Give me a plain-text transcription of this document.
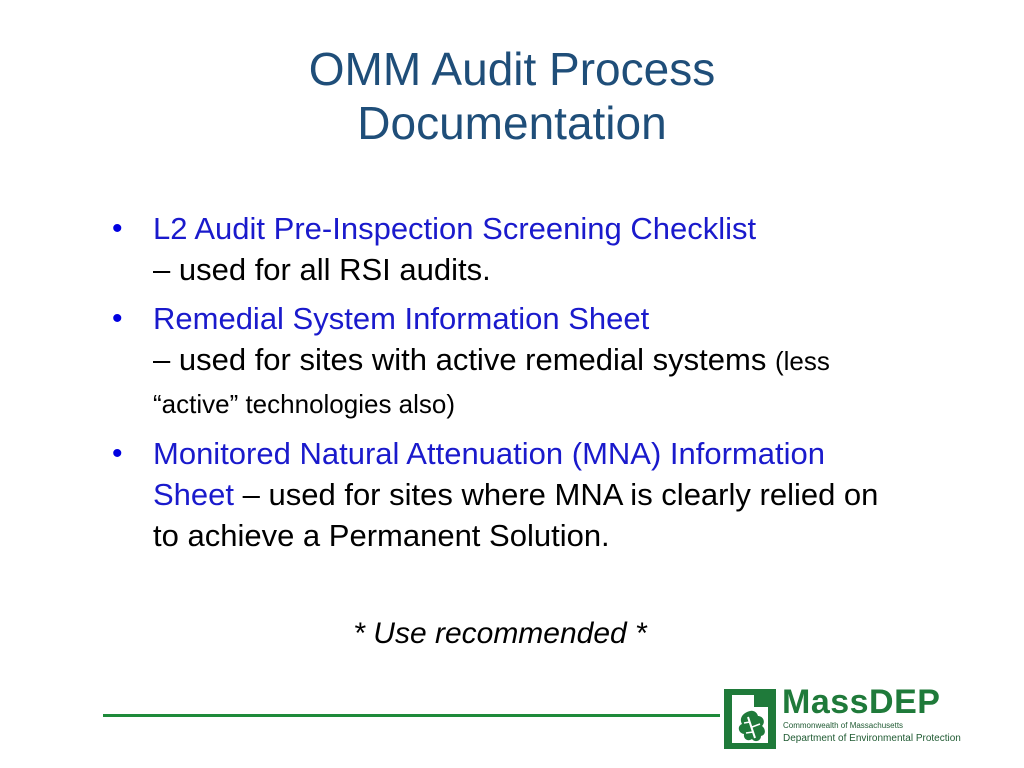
OMM Audit Process
Documentation
• L2 Audit Pre-Inspection Screening Checklist
– used for all RSI audits.
• Remedial System Information Sheet
– used for sites with active remedial systems (less “active” technologies also)
• Monitored Natural Attenuation (MNA) Information Sheet – used for sites where MNA is clearly relied on to achieve a Permanent Solution.
* Use recommended *
MassDEP
Commonwealth of Massachusetts
Department of Environmental Protection
